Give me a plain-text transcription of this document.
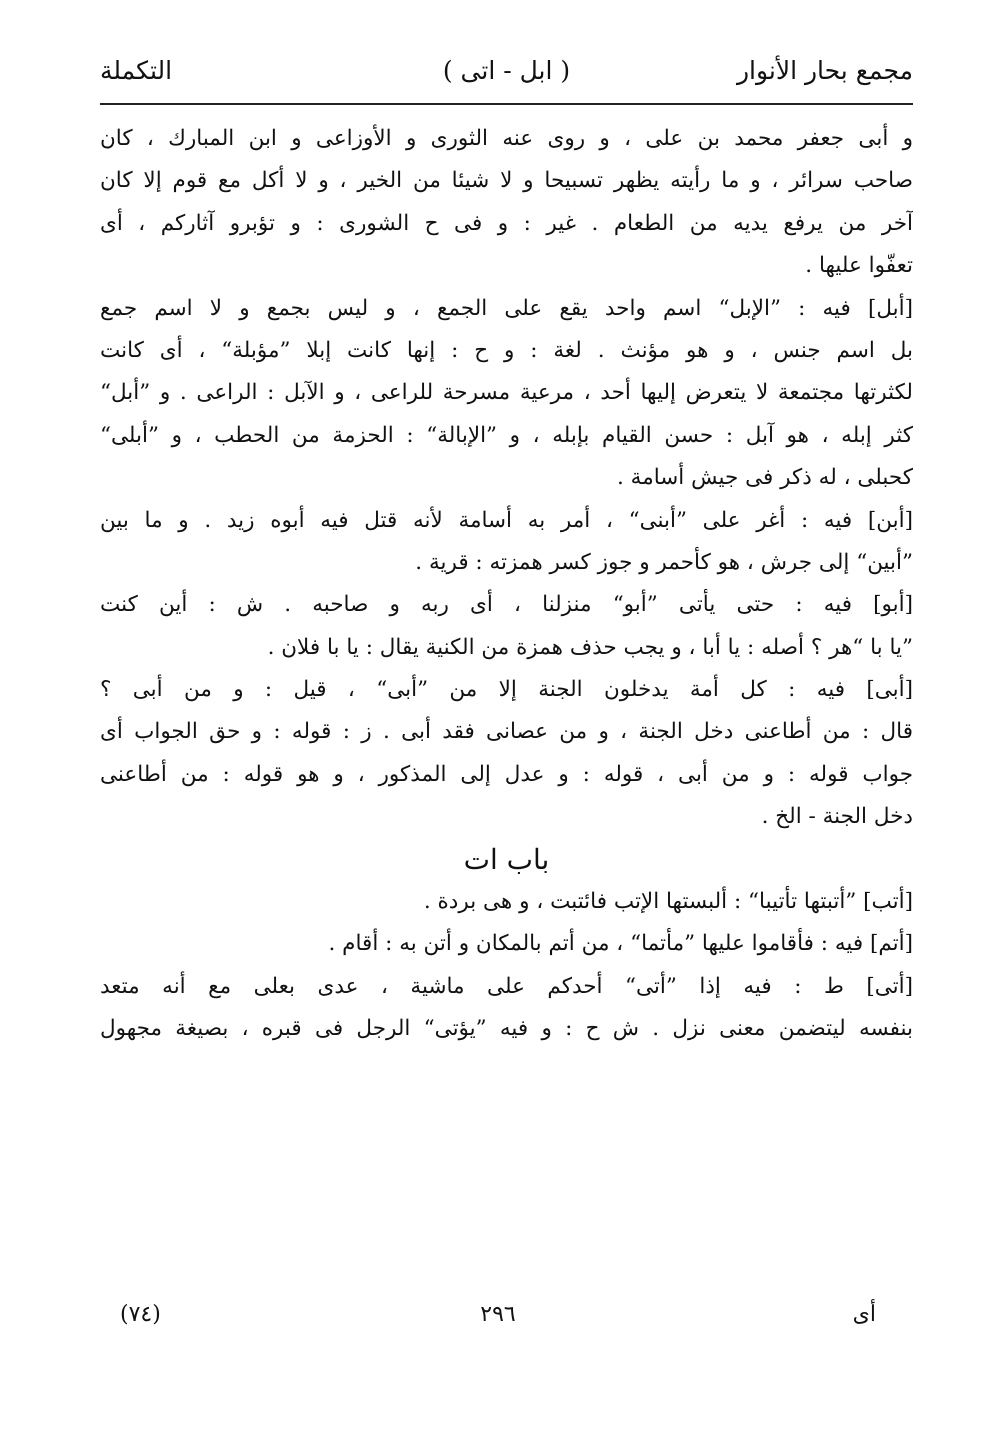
مجمع بحار الأنوار
( ابل - اتى )
التكملة
و أبى جعفر محمد بن على ، و روى عنه الثورى و الأوزاعى و ابن المبارك ، كان
صاحب سرائر ، و ما رأيته يظهر تسبيحا و لا شيئا من الخير ، و لا أكل مع قوم إلا كان
آخر من يرفع يديه من الطعام . غير : و فى ح الشورى : و تؤبرو آثاركم ، أى
تعفّوا عليها .
[أبل] فيه : ”الإبل“ اسم واحد يقع على الجمع ، و ليس بجمع و لا اسم جمع
بل اسم جنس ، و هو مؤنث . لغة : و ح : إنها كانت إبلا ”مؤبلة“ ، أى كانت
لكثرتها مجتمعة لا يتعرض إليها أحد ، مرعية مسرحة للراعى ، و الآبل : الراعى . و ”أبل“
كثر إبله ، هو آبل : حسن القيام بإبله ، و ”الإبالة“ : الحزمة من الحطب ، و ”أبلى“
كحبلى ، له ذكر فى جيش أسامة .
[أبن] فيه : أغر على ”أبنى“ ، أمر به أسامة لأنه قتل فيه أبوه زيد . و ما بين
”أبين“ إلى جرش ، هو كأحمر و جوز كسر همزته : قرية .
[أبو] فيه : حتى يأتى ”أبو“ منزلنا ، أى ربه و صاحبه . ش : أين كنت
”يا با “هر ؟ أصله : يا أبا ، و يجب حذف همزة من الكنية يقال : يا با فلان .
[أبى] فيه : كل أمة يدخلون الجنة إلا من ”أبى“ ، قيل : و من أبى ؟
قال : من أطاعنى دخل الجنة ، و من عصانى فقد أبى . ز : قوله : و حق الجواب أى
جواب قوله : و من أبى ، قوله : و عدل إلى المذكور ، و هو قوله : من أطاعنى
دخل الجنة - الخ .
باب ات
[أتب] ”أتبتها تأتيبا“ : ألبستها الإتب فائتبت ، و هى بردة .
[أتم] فيه : فأقاموا عليها ”مأتما“ ، من أتم بالمكان و أتن به : أقام .
[أتى] ط : فيه إذا ”أتى“ أحدكم على ماشية ، عدى بعلى مع أنه متعد
بنفسه ليتضمن معنى نزل . ش ح : و فيه ”يؤتى“ الرجل فى قبره ، بصيغة مجهول
أى
٢٩٦
(٧٤)
